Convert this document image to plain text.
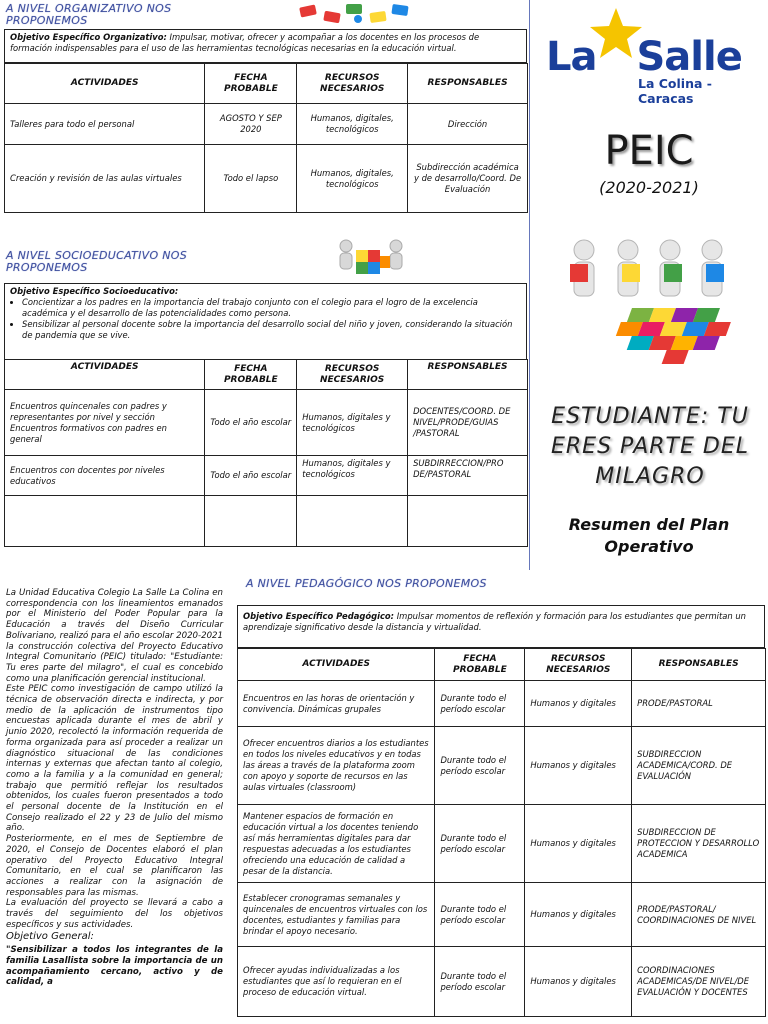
A NIVEL ORGANIZATIVO NOS PROPONEMOS
Objetivo Específico Organizativo: Impulsar, motivar, ofrecer y acompañar a los docentes en los procesos de formación indispensables para el uso de las herramientas tecnológicas necesarias en la educación virtual.
ACTIVIDADES	FECHA PROBABLE	RECURSOS NECESARIOS	RESPONSABLES
Talleres para todo el personal	AGOSTO Y SEP 2020	Humanos, digitales, tecnológicos	Dirección
Creación y revisión de las aulas virtuales	Todo el lapso	Humanos, digitales, tecnológicos	Subdirección académica y de desarrollo/Coord. De Evaluación
A NIVEL SOCIOEDUCATIVO NOS PROPONEMOS
Objetivo Específico Socioeducativo:
• Concientizar a los padres en la importancia del trabajo conjunto con el colegio para el logro de la excelencia académica y el desarrollo de las potencialidades como persona.
• Sensibilizar al personal docente sobre la importancia del desarrollo social del niño y joven, considerando la situación de pandemia que se vive.
ACTIVIDADES	FECHA PROBABLE	RECURSOS NECESARIOS	RESPONSABLES
Encuentros quincenales con padres y representantes por nivel y sección Encuentros formativos con padres en general	Todo el año escolar	Humanos, digitales y tecnológicos	DOCENTES/COORD. DE NIVEL/PRODE/GUIAS /PASTORAL
Encuentros con docentes por niveles educativos	Todo el año escolar	Humanos, digitales y tecnológicos	SUBDIRRECCION/PRO DE/PASTORAL

La Salle
La Colina - Caracas
PEIC
(2020-2021)
ESTUDIANTE: TU ERES PARTE DEL MILAGRO
Resumen del Plan Operativo

La Unidad Educativa Colegio La Salle La Colina en correspondencia con los lineamientos emanados por el Ministerio del Poder Popular para la Educación a través del Diseño Curricular Bolivariano, realizó para el año escolar 2020-2021 la construcción colectiva del Proyecto Educativo Integral Comunitario (PEIC) titulado: "Estudiante: Tu eres parte del milagro", el cual es concebido como una planificación gerencial institucional.

Este PEIC como investigación de campo utilizó la técnica de observación directa e indirecta, y por medio de la aplicación de instrumentos tipo encuestas aplicada durante el mes de abril y junio 2020, recolectó la información requerida de forma organizada para así proceder a realizar un diagnóstico situacional de las condiciones internas y externas que afectan tanto al colegio, como a la familia y a la comunidad en general; trabajo que permitió reflejar los resultados obtenidos, los cuales fueron presentados a todo el personal docente de la Institución en el Consejo realizado el 22 y 23 de Julio del mismo año.

Posteriormente, en el mes de Septiembre de 2020, el Consejo de Docentes elaboró el plan operativo del Proyecto Educativo Integral Comunitario, en el cual se planificaron las acciones a realizar con la asignación de responsables para las mismas.

La evaluación del proyecto se llevará a cabo a través del seguimiento del los objetivos específicos y sus actividades.

Objetivo General:

"Sensibilizar a todos los integrantes de la familia Lasallista sobre la importancia de un acompañamiento cercano, activo y de calidad, a

A NIVEL PEDAGÓGICO NOS PROPONEMOS
Objetivo Específico Pedagógico: Impulsar momentos de reflexión y formación para los estudiantes que permitan un aprendizaje significativo desde la distancia y virtualidad.
ACTIVIDADES	FECHA PROBABLE	RECURSOS NECESARIOS	RESPONSABLES
Encuentros en las horas de orientación y convivencia. Dinámicas grupales	Durante todo el período escolar	Humanos y digitales	PRODE/PASTORAL
Ofrecer encuentros diarios a los estudiantes en todos los niveles educativos y en todas las áreas a través de la plataforma zoom con apoyo y soporte de recursos en las aulas virtuales (classroom)	Durante todo el período escolar	Humanos y digitales	SUBDIRECCION ACADEMICA/CORD. DE EVALUACIÓN
Mantener espacios de formación en educación virtual a los docentes teniendo así más herramientas digitales para dar respuestas adecuadas a los estudiantes ofreciendo una educación de calidad a pesar de la distancia.	Durante todo el período escolar	Humanos y digitales	SUBDIRECCION DE PROTECCION Y DESARROLLO ACADEMICA
Establecer cronogramas semanales y quincenales de encuentros virtuales con los docentes, estudiantes y familias para brindar el apoyo necesario.	Durante todo el período escolar	Humanos y digitales	PRODE/PASTORAL/ COORDINACIONES DE NIVEL
Ofrecer ayudas individualizadas a los estudiantes que así lo requieran en el proceso de educación virtual.	Durante todo el período escolar	Humanos y digitales	COORDINACIONES ACADEMICAS/DE NIVEL/DE EVALUACIÓN Y DOCENTES
